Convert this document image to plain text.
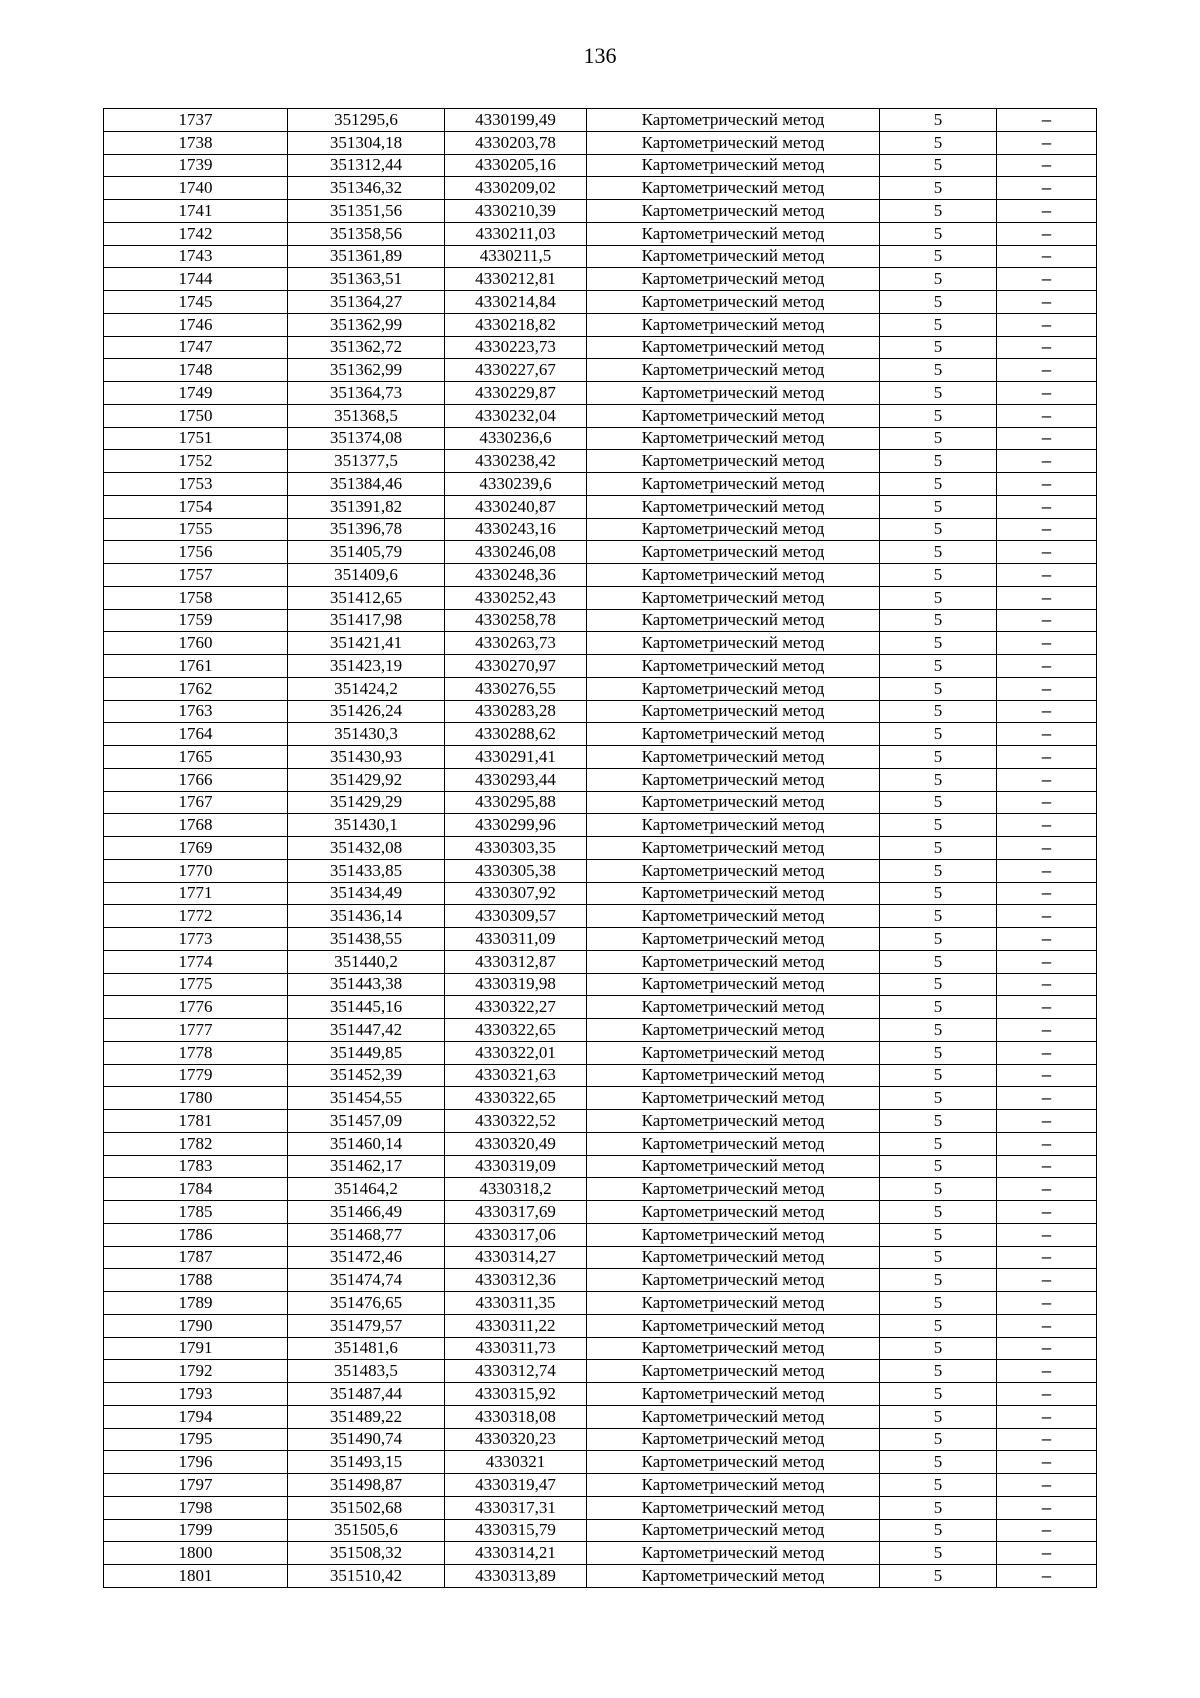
136
1737	351295,6	4330199,49	Картометрический метод	5	–
1738	351304,18	4330203,78	Картометрический метод	5	–
1739	351312,44	4330205,16	Картометрический метод	5	–
1740	351346,32	4330209,02	Картометрический метод	5	–
1741	351351,56	4330210,39	Картометрический метод	5	–
1742	351358,56	4330211,03	Картометрический метод	5	–
1743	351361,89	4330211,5	Картометрический метод	5	–
1744	351363,51	4330212,81	Картометрический метод	5	–
1745	351364,27	4330214,84	Картометрический метод	5	–
1746	351362,99	4330218,82	Картометрический метод	5	–
1747	351362,72	4330223,73	Картометрический метод	5	–
1748	351362,99	4330227,67	Картометрический метод	5	–
1749	351364,73	4330229,87	Картометрический метод	5	–
1750	351368,5	4330232,04	Картометрический метод	5	–
1751	351374,08	4330236,6	Картометрический метод	5	–
1752	351377,5	4330238,42	Картометрический метод	5	–
1753	351384,46	4330239,6	Картометрический метод	5	–
1754	351391,82	4330240,87	Картометрический метод	5	–
1755	351396,78	4330243,16	Картометрический метод	5	–
1756	351405,79	4330246,08	Картометрический метод	5	–
1757	351409,6	4330248,36	Картометрический метод	5	–
1758	351412,65	4330252,43	Картометрический метод	5	–
1759	351417,98	4330258,78	Картометрический метод	5	–
1760	351421,41	4330263,73	Картометрический метод	5	–
1761	351423,19	4330270,97	Картометрический метод	5	–
1762	351424,2	4330276,55	Картометрический метод	5	–
1763	351426,24	4330283,28	Картометрический метод	5	–
1764	351430,3	4330288,62	Картометрический метод	5	–
1765	351430,93	4330291,41	Картометрический метод	5	–
1766	351429,92	4330293,44	Картометрический метод	5	–
1767	351429,29	4330295,88	Картометрический метод	5	–
1768	351430,1	4330299,96	Картометрический метод	5	–
1769	351432,08	4330303,35	Картометрический метод	5	–
1770	351433,85	4330305,38	Картометрический метод	5	–
1771	351434,49	4330307,92	Картометрический метод	5	–
1772	351436,14	4330309,57	Картометрический метод	5	–
1773	351438,55	4330311,09	Картометрический метод	5	–
1774	351440,2	4330312,87	Картометрический метод	5	–
1775	351443,38	4330319,98	Картометрический метод	5	–
1776	351445,16	4330322,27	Картометрический метод	5	–
1777	351447,42	4330322,65	Картометрический метод	5	–
1778	351449,85	4330322,01	Картометрический метод	5	–
1779	351452,39	4330321,63	Картометрический метод	5	–
1780	351454,55	4330322,65	Картометрический метод	5	–
1781	351457,09	4330322,52	Картометрический метод	5	–
1782	351460,14	4330320,49	Картометрический метод	5	–
1783	351462,17	4330319,09	Картометрический метод	5	–
1784	351464,2	4330318,2	Картометрический метод	5	–
1785	351466,49	4330317,69	Картометрический метод	5	–
1786	351468,77	4330317,06	Картометрический метод	5	–
1787	351472,46	4330314,27	Картометрический метод	5	–
1788	351474,74	4330312,36	Картометрический метод	5	–
1789	351476,65	4330311,35	Картометрический метод	5	–
1790	351479,57	4330311,22	Картометрический метод	5	–
1791	351481,6	4330311,73	Картометрический метод	5	–
1792	351483,5	4330312,74	Картометрический метод	5	–
1793	351487,44	4330315,92	Картометрический метод	5	–
1794	351489,22	4330318,08	Картометрический метод	5	–
1795	351490,74	4330320,23	Картометрический метод	5	–
1796	351493,15	4330321	Картометрический метод	5	–
1797	351498,87	4330319,47	Картометрический метод	5	–
1798	351502,68	4330317,31	Картометрический метод	5	–
1799	351505,6	4330315,79	Картометрический метод	5	–
1800	351508,32	4330314,21	Картометрический метод	5	–
1801	351510,42	4330313,89	Картометрический метод	5	–
